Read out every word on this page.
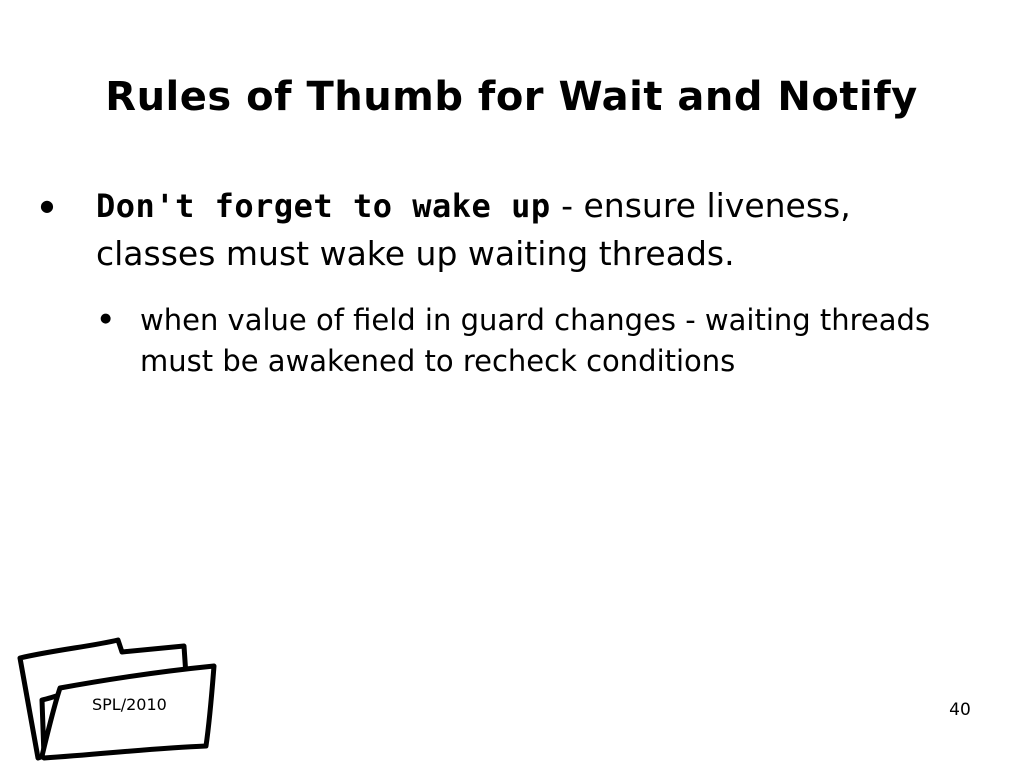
Rules of Thumb for Wait and Notify
● Don't forget to wake up - ensure liveness, classes must wake up waiting threads.
● when value of field in guard changes - waiting threads must be awakened to recheck conditions
SPL/2010	40
